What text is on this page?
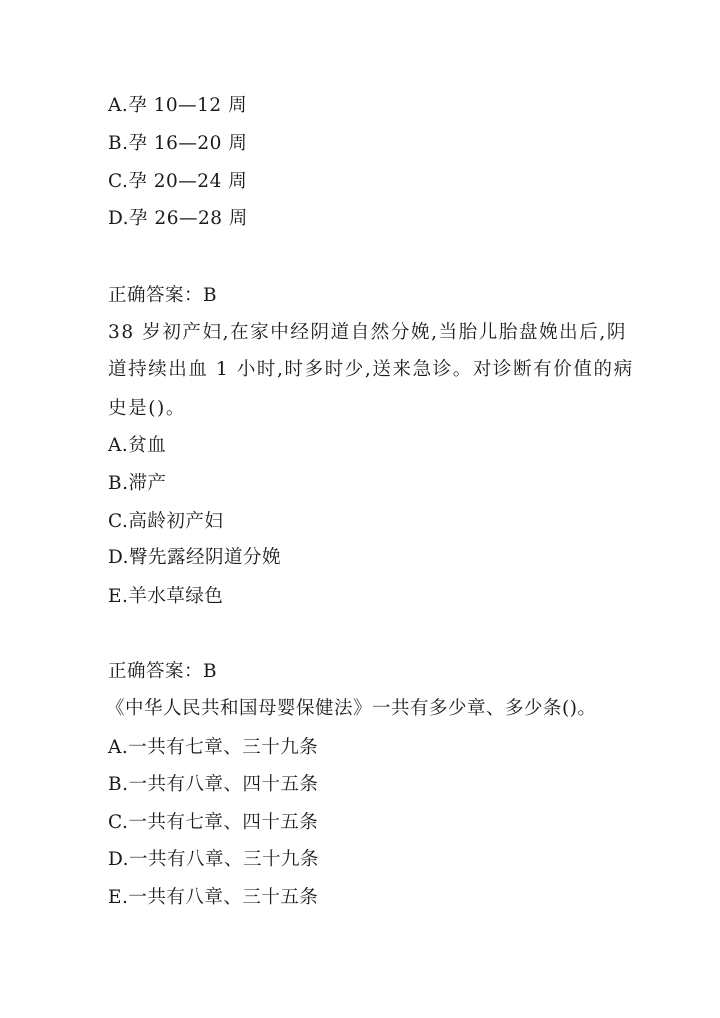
A.孕 10—12 周
B.孕 16—20 周
C.孕 20—24 周
D.孕 26—28 周
正确答案：B
38 岁初产妇,在家中经阴道自然分娩,当胎儿胎盘娩出后,阴
道持续出血 1 小时,时多时少,送来急诊。对诊断有价值的病
史是()。
A.贫血
B.滞产
C.高龄初产妇
D.臀先露经阴道分娩
E.羊水草绿色
正确答案：B
《中华人民共和国母婴保健法》一共有多少章、多少条()。
A.一共有七章、三十九条
B.一共有八章、四十五条
C.一共有七章、四十五条
D.一共有八章、三十九条
E.一共有八章、三十五条
